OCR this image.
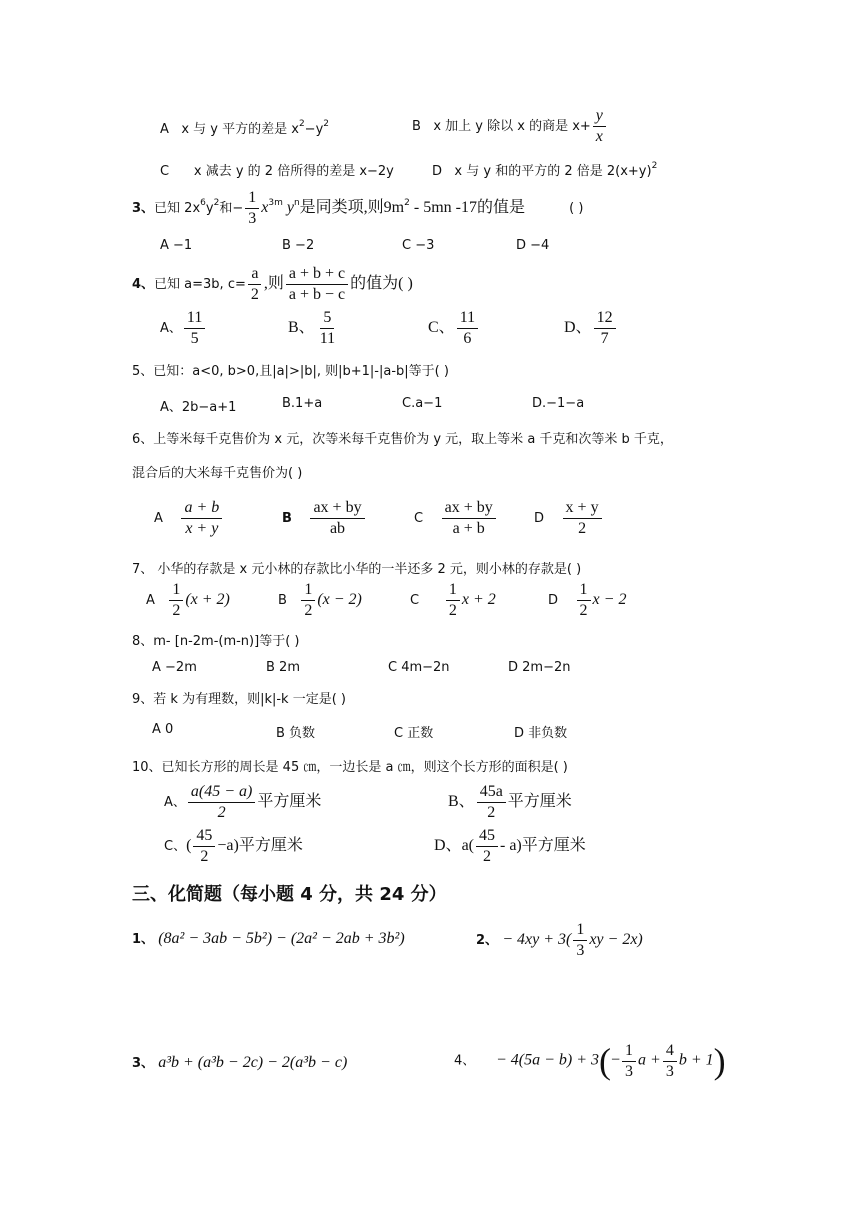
A x 与 y 平方的差是 $x^2-y^2$	B x 加上 y 除以 x 的商是 $x+ \frac{y}{x}$
C x 减去 y 的 2 倍所得的差是 x−2y	D x 与 y 和的平方的 2 倍是 $2(x+y)^2$
3、已知 $2x^6y^2$和− $\frac{1}{3} x^{3m}$ $y^n$是同类项,则$9m^2 - 5mn$ -17的值是	( )
A −1	B −2	C −3	D −4
4、已知 a=3b, $c= \frac{a}{2}$ ,则 $\frac{a + b + c}{a + b - c}$ 的值为( )
A、 $\frac{11}{5}$	B、 $\frac{5}{11}$	C、 $\frac{11}{6}$	D、 $\frac{12}{7}$
5、已知：a<0, b>0,且|a|>|b|, 则|b+1|-|a-b|等于( )
A、2b−a+1	B.1+a	C.a−1	D.−1−a
6、上等米每千克售价为 x 元，次等米每千克售价为 y 元，取上等米 a 千克和次等米 b 千克，
混合后的大米每千克售价为( )
A $\frac{a + b}{x + y}$	B $\frac{ax + by}{ab}$	C $\frac{ax + by}{a + b}$	D $\frac{x + y}{2}$
7、 小华的存款是 x 元小林的存款比小华的一半还多 2 元，则小林的存款是( )
A $\frac{1}{2} (x + 2)$	B $\frac{1}{2} (x - 2)$	C $\frac{1}{2}$ x + 2	D $\frac{1}{2}$ x − 2
8、m- [n-2m-(m-n)]等于( )
A −2m	B 2m	C 4m−2n	D 2m−2n
9、若 k 为有理数，则|k|-k 一定是( )
A 0	B 负数	C 正数	D 非负数
10、已知长方形的周长是 45 ㎝，一边长是 a ㎝，则这个长方形的面积是( )
A、 $\frac{a(45 - a)}{2}$ 平方厘米	B、 $\frac{45a}{2}$ 平方厘米
C、( $\frac{45}{2} -a$)平方厘米	D、$a( \frac{45}{2} - a)$平方厘米
三、化简题（每小题 4 分，共 24 分）
1、 (8a² − 3ab − 5b²) − (2a² − 2ab + 3b²)	2、 − $4xy + 3( \frac{1}{3}$ xy − 2x)
3、 a³b + (a³b − 2c) − 2(a³b − c)	4、 − $4(5a - b) + 3(- \frac{1}{3}$ $a + \frac{4}{3}$ b + 1)
